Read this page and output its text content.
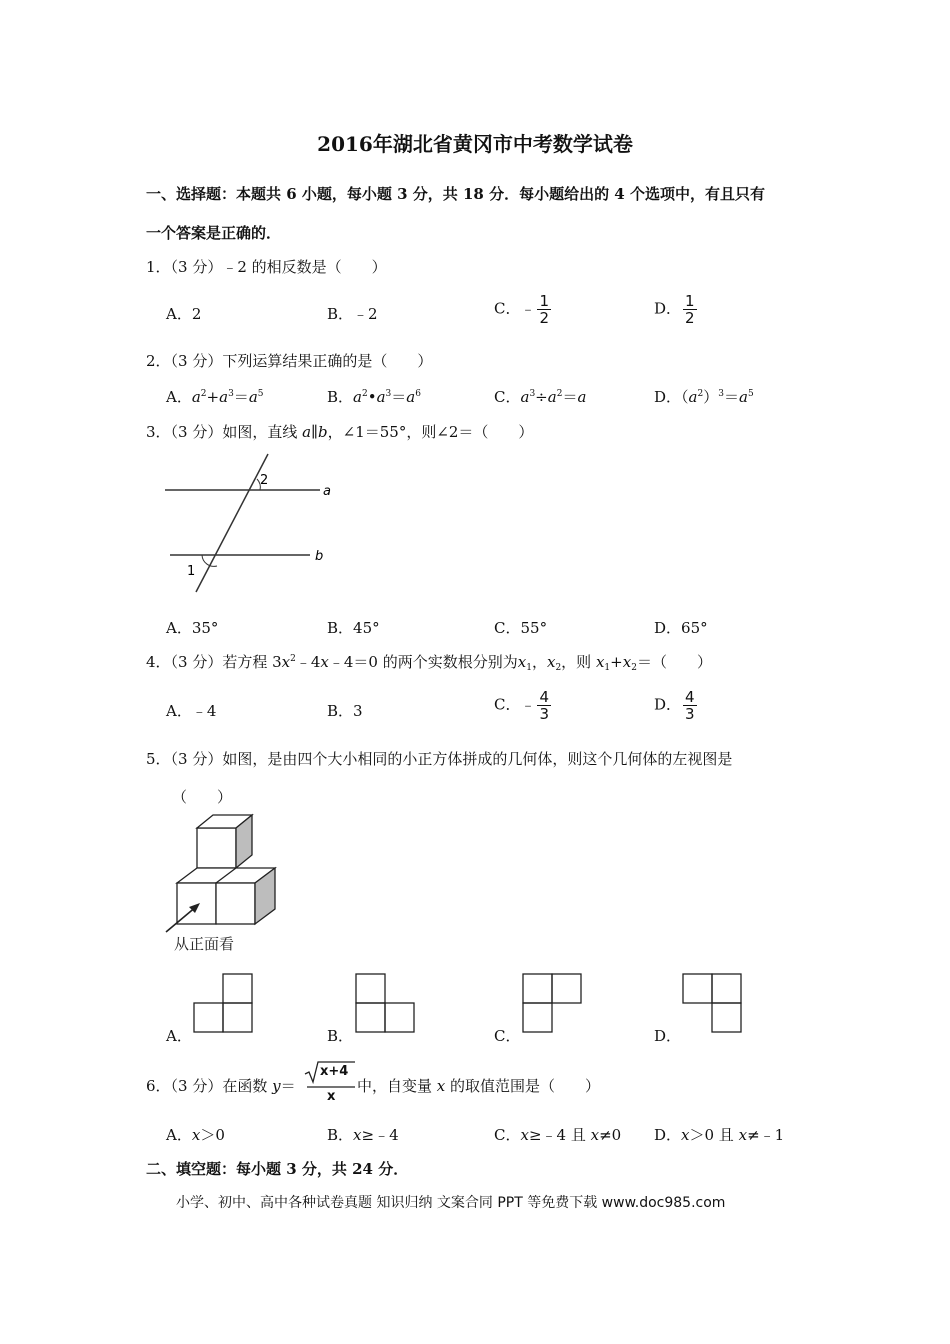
2016年湖北省黄冈市中考数学试卷
一、选择题：本题共 6 小题，每小题 3 分，共 18 分．每小题给出的 4 个选项中，有且只有
一个答案是正确的．
1．（3 分）﹣2 的相反数是（　　）
A．2	B．﹣2	C．﹣ $\frac{1}{2}$	D． $\frac{1}{2}$
2．（3 分）下列运算结果正确的是（　　）
A．$a^2+a^3=a^5$	B．$a^2•a^3=a^6$	C．$a^3\div a^2=a$	D．$(a^2)^3=a^5$
3．（3 分）如图，直线 a∥b，∠1＝55°，则∠2＝（　　）
2
1
a
b
A．35°	B．45°	C．55°	D．65°
4．（3 分）若方程 $3x^2﹣4x﹣4=0$ 的两个实数根分别为$x_1$，$x_2$，则 $x_1+x_2=$（　　）
A．﹣4	B．3	C．﹣ $\frac{4}{3}$	D． $\frac{4}{3}$
5．（3 分）如图，是由四个大小相同的小正方体拼成的几何体，则这个几何体的左视图是
（　　）
从正面看
A．	B．	C．	D．
6．（3 分）在函数 y＝
x+4
x
中，自变量 x 的取值范围是（　　）
A．x＞0	B．x≥﹣4	C．x≥﹣4 且 x≠0 D．x＞0 且 x≠﹣1
二、填空题：每小题 3 分，共 24 分．
小学、初中、高中各种试卷真题 知识归纳 文案合同 PPT 等免费下载 www.doc985.com
